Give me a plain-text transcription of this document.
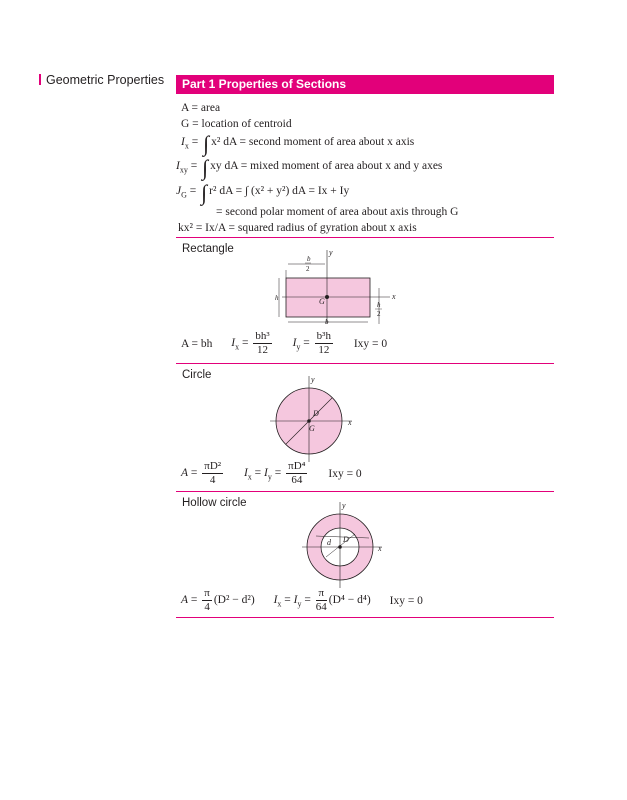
Geometric Properties	Part 1 Properties of Sections
A = area
G = location of centroid
$I_x$ = ∫ x² dA = second moment of area about x axis
$I_{xy}$ = ∫ xy dA = mixed moment of area about x and y axes
$J_G$ = ∫ r² dA = ∫ (x² + y²) dA = Ix + Iy
= second polar moment of area about axis through G
kx² = Ix/A = squared radius of gyration about x axis
Rectangle	y
x
G
b
2
h
b
h
2
A = bh $I_x = \frac{\text{bh³}}{12} I_y = \frac{\text{b³h}}{12}$ Ixy = 0
Circle	y
x
D
G
$A = \frac{\text{πD²}}{4} I_x = I_y = \frac{\text{πD⁴}}{64}$ Ixy = 0
Hollow circle	y
x
D
d
$A = \frac{\pi}{4} (D^2 - d^2) I_x = I_y = \frac{\pi}{64} (D^4 - d^4)$ Ixy = 0
